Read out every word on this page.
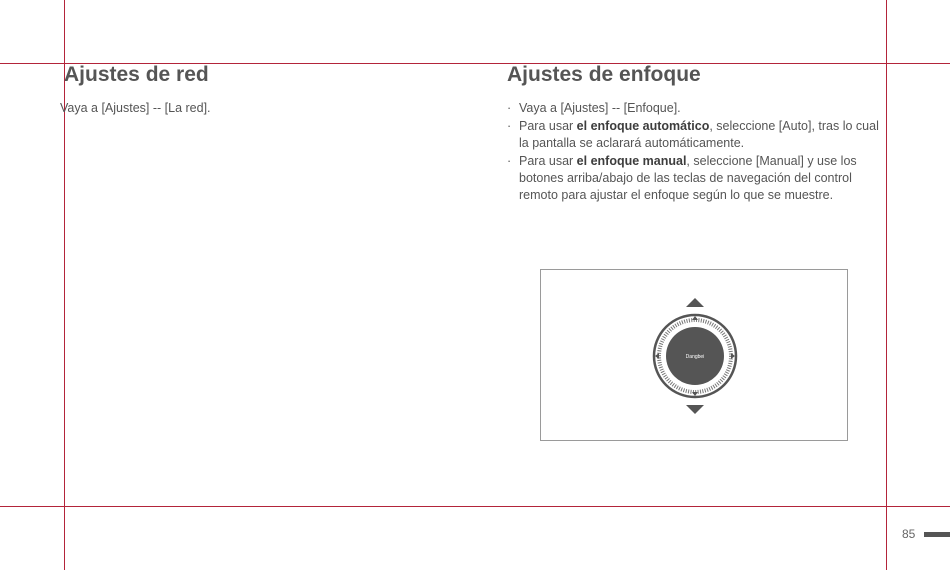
Ajustes de red
Vaya a [Ajustes] -- [La red].
Ajustes de enfoque
· Vaya a [Ajustes] -- [Enfoque].
· Para usar el enfoque automático, seleccione [Auto], tras lo cual la pantalla se aclarará automáticamente.
· Para usar el enfoque manual, seleccione [Manual] y use los botones arriba/abajo de las teclas de navegación del control remoto para ajustar el enfoque según lo que se muestre.
Dangbei
85
